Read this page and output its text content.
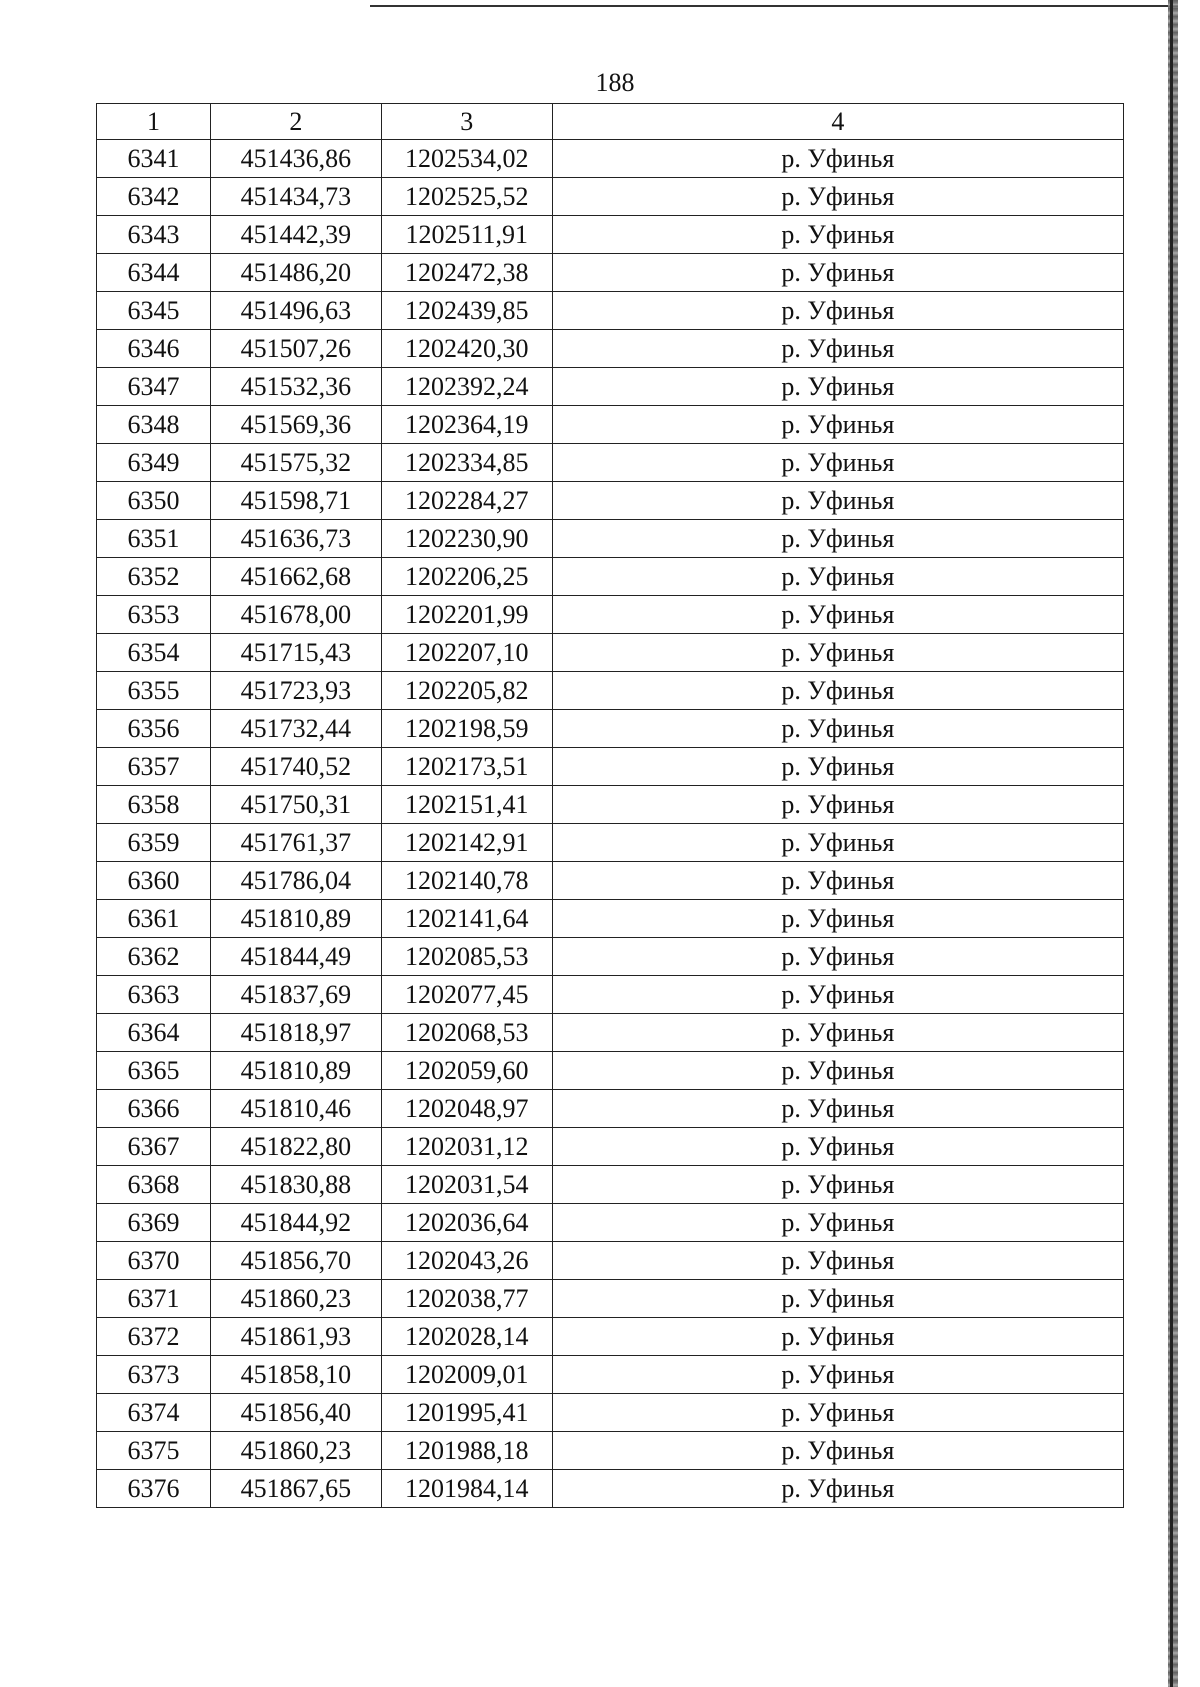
188
1	2	3	4
6341	451436,86	1202534,02	р. Уфинья
6342	451434,73	1202525,52	р. Уфинья
6343	451442,39	1202511,91	р. Уфинья
6344	451486,20	1202472,38	р. Уфинья
6345	451496,63	1202439,85	р. Уфинья
6346	451507,26	1202420,30	р. Уфинья
6347	451532,36	1202392,24	р. Уфинья
6348	451569,36	1202364,19	р. Уфинья
6349	451575,32	1202334,85	р. Уфинья
6350	451598,71	1202284,27	р. Уфинья
6351	451636,73	1202230,90	р. Уфинья
6352	451662,68	1202206,25	р. Уфинья
6353	451678,00	1202201,99	р. Уфинья
6354	451715,43	1202207,10	р. Уфинья
6355	451723,93	1202205,82	р. Уфинья
6356	451732,44	1202198,59	р. Уфинья
6357	451740,52	1202173,51	р. Уфинья
6358	451750,31	1202151,41	р. Уфинья
6359	451761,37	1202142,91	р. Уфинья
6360	451786,04	1202140,78	р. Уфинья
6361	451810,89	1202141,64	р. Уфинья
6362	451844,49	1202085,53	р. Уфинья
6363	451837,69	1202077,45	р. Уфинья
6364	451818,97	1202068,53	р. Уфинья
6365	451810,89	1202059,60	р. Уфинья
6366	451810,46	1202048,97	р. Уфинья
6367	451822,80	1202031,12	р. Уфинья
6368	451830,88	1202031,54	р. Уфинья
6369	451844,92	1202036,64	р. Уфинья
6370	451856,70	1202043,26	р. Уфинья
6371	451860,23	1202038,77	р. Уфинья
6372	451861,93	1202028,14	р. Уфинья
6373	451858,10	1202009,01	р. Уфинья
6374	451856,40	1201995,41	р. Уфинья
6375	451860,23	1201988,18	р. Уфинья
6376	451867,65	1201984,14	р. Уфинья
